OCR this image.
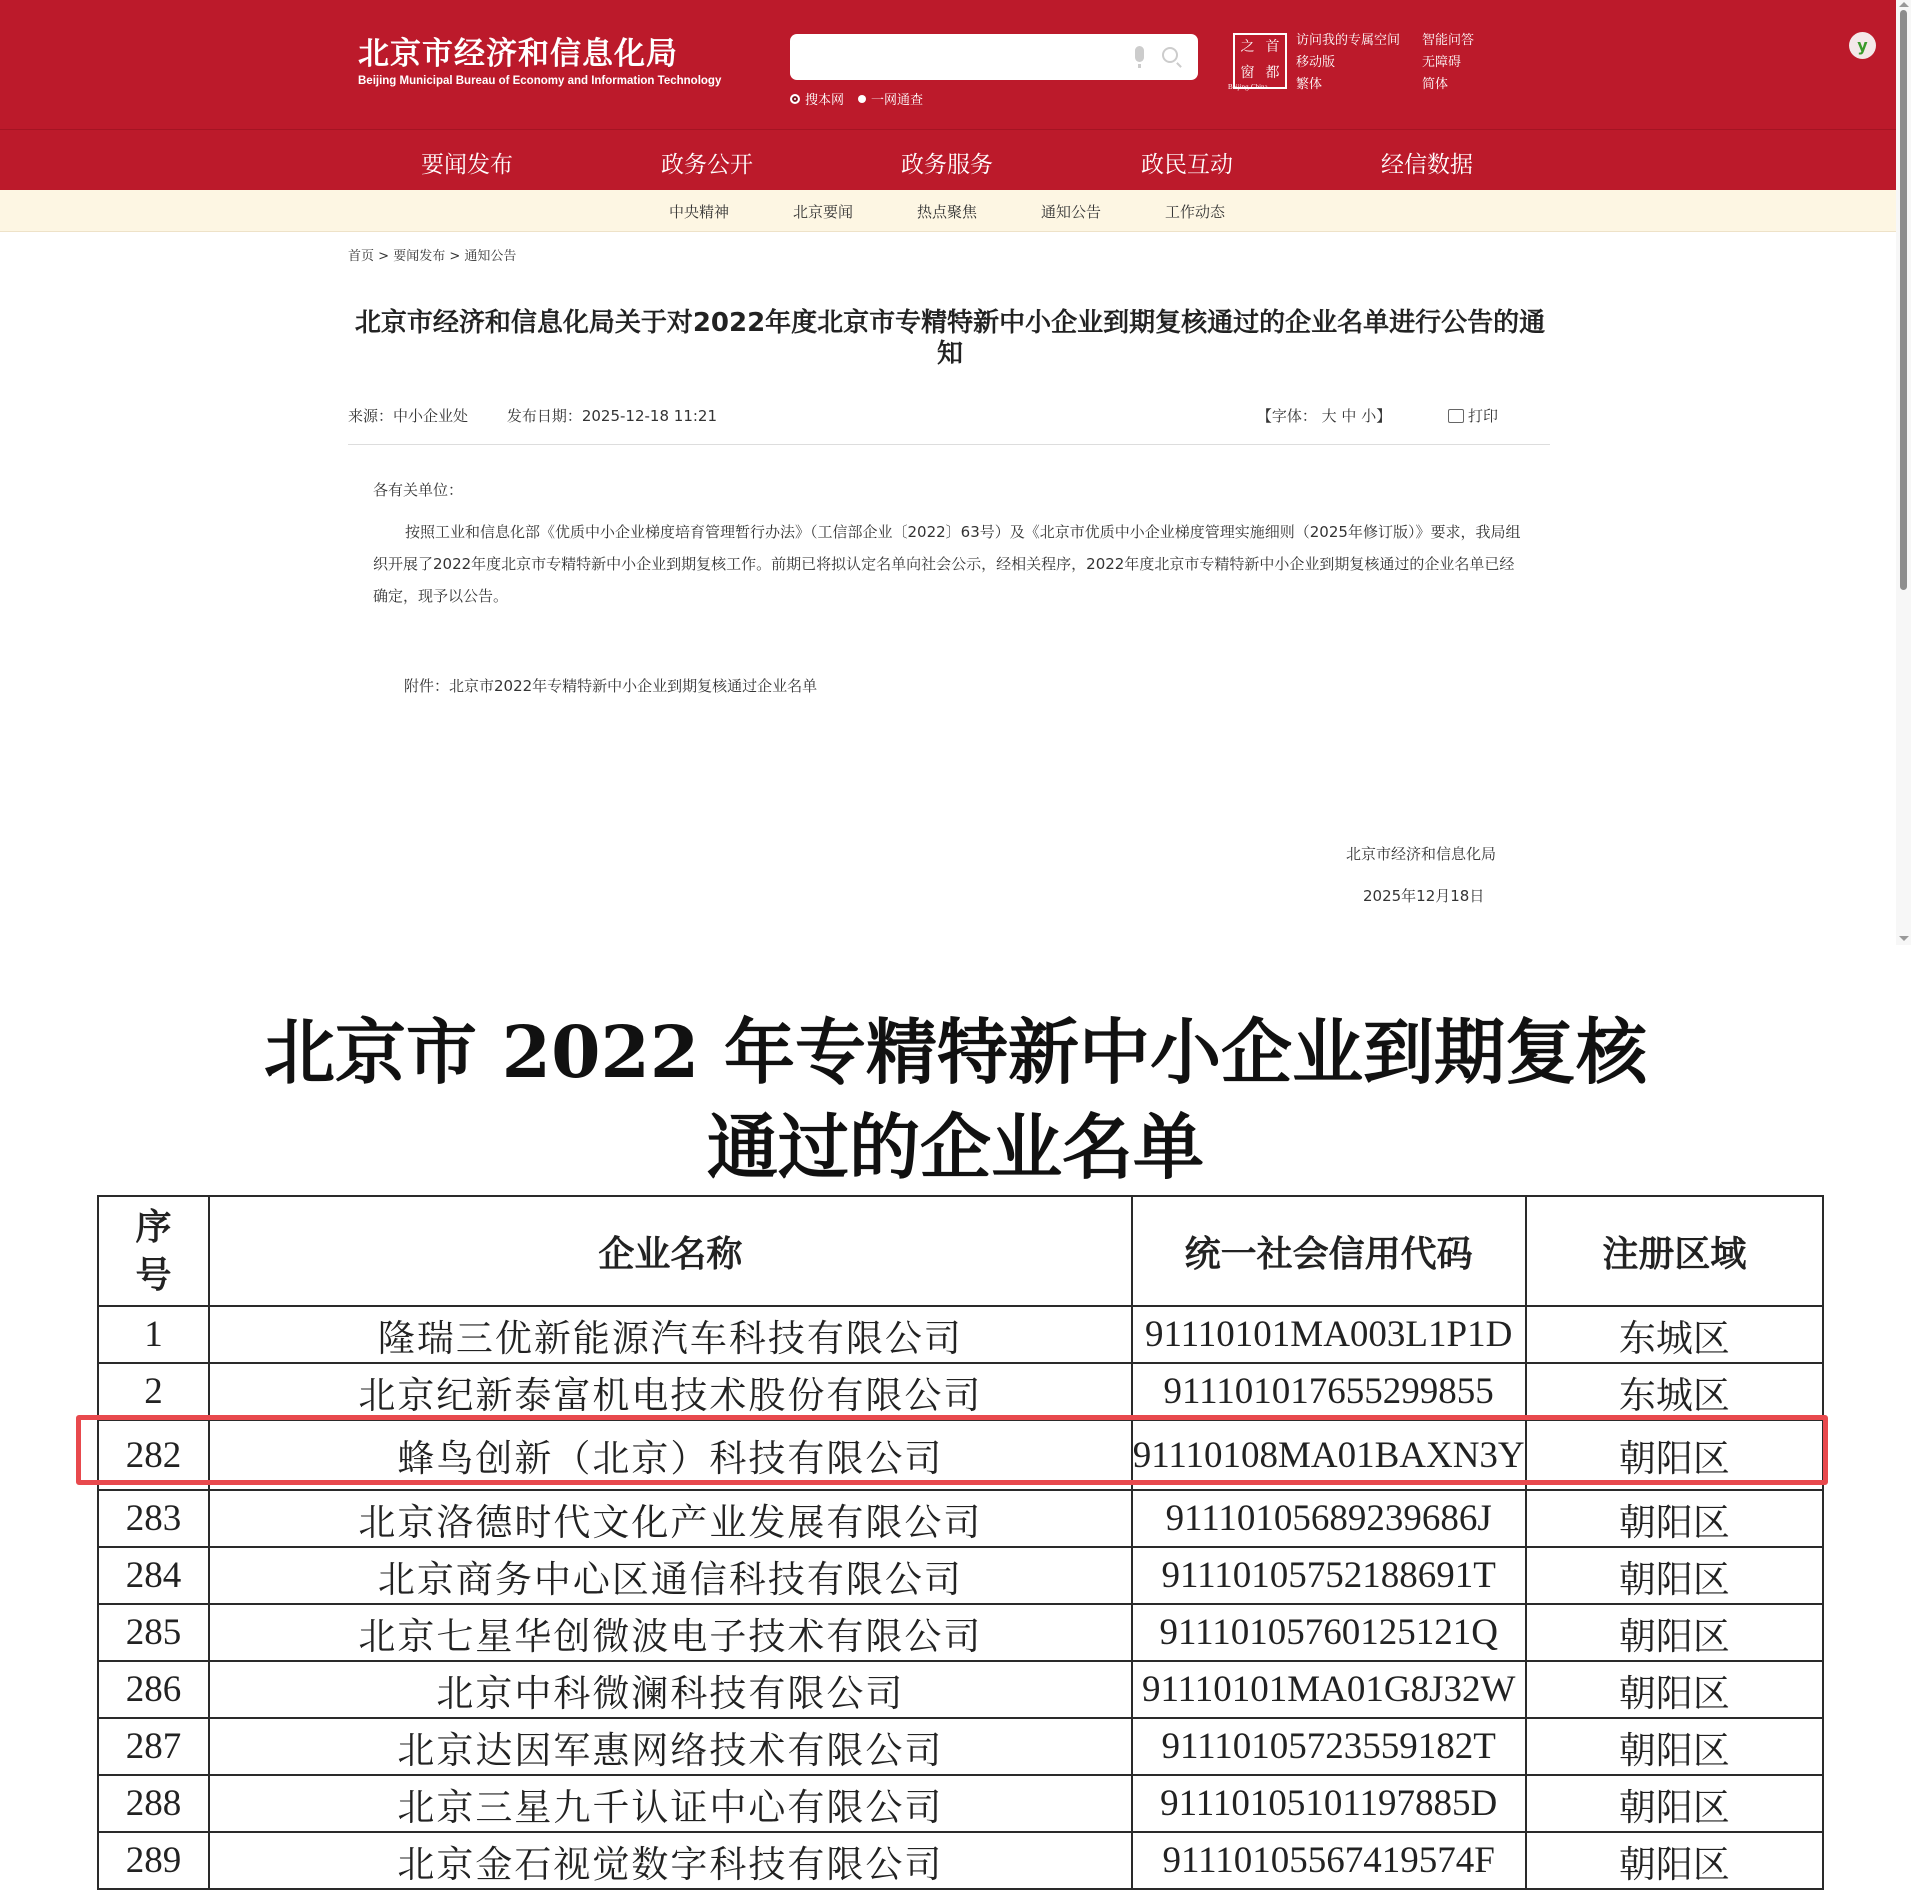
北京市经济和信息化局
Beijing Municipal Bureau of Economy and Information Technology
搜本网 一网通查
之 首
窗 都
Beijing-China
访问我的专属空间	智能问答
移动版	无障碍
繁体	简体
y
要闻发布	政务公开	政务服务	政民互动	经信数据
中央精神	北京要闻	热点聚焦	通知公告	工作动态
首页 > 要闻发布 > 通知公告
北京市经济和信息化局关于对2022年度北京市专精特新中小企业到期复核通过的企业名单进行公告的通知
来源：中小企业处	发布日期：2025-12-18 11:21	【字体： 大 中 小】	打印

各有关单位：

按照工业和信息化部《优质中小企业梯度培育管理暂行办法》（工信部企业〔2022〕63号）及《北京市优质中小企业梯度管理实施细则（2025年修订版）》要求，我局组织开展了2022年度北京市专精特新中小企业到期复核工作。前期已将拟认定名单向社会公示，经相关程序，2022年度北京市专精特新中小企业到期复核通过的企业名单已经确定，现予以公告。

附件：北京市2022年专精特新中小企业到期复核通过企业名单
北京市经济和信息化局
2025年12月18日
北京市 2022 年专精特新中小企业到期复核
通过的企业名单
序号	企业名称	统一社会信用代码	注册区域
1	隆瑞三优新能源汽车科技有限公司	91110101MA003L1P1D	东城区
2	北京纪新泰富机电技术股份有限公司	911101017655299855	东城区
282	蜂鸟创新（北京）科技有限公司	91110108MA01BAXN3Y	朝阳区
283	北京洛德时代文化产业发展有限公司	91110105689239686J	朝阳区
284	北京商务中心区通信科技有限公司	91110105752188691T	朝阳区
285	北京七星华创微波电子技术有限公司	91110105760125121Q	朝阳区
286	北京中科微澜科技有限公司	91110101MA01G8J32W	朝阳区
287	北京达因军惠网络技术有限公司	91110105723559182T	朝阳区
288	北京三星九千认证中心有限公司	91110105101197885D	朝阳区
289	北京金石视觉数字科技有限公司	91110105567419574F	朝阳区
